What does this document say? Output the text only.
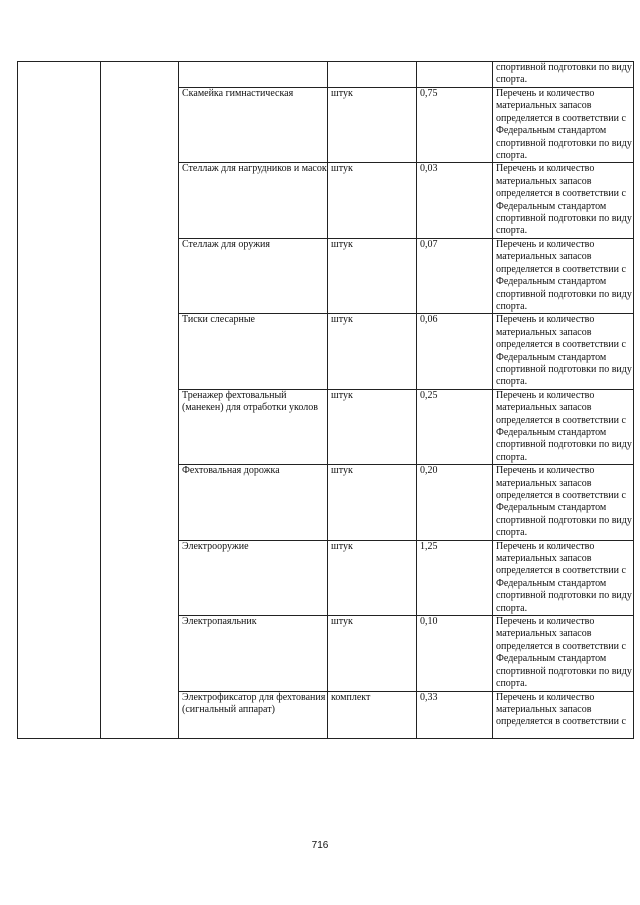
					спортивной подготовки по виду спорта.
		Скамейка гимнастическая	штук	0,75	Перечень и количество материальных запасов определяется в соответствии с Федеральным стандартом спортивной подготовки по виду спорта.
		Стеллаж для нагрудников и масок	штук	0,03	Перечень и количество материальных запасов определяется в соответствии с Федеральным стандартом спортивной подготовки по виду спорта.
		Стеллаж для оружия	штук	0,07	Перечень и количество материальных запасов определяется в соответствии с Федеральным стандартом спортивной подготовки по виду спорта.
		Тиски слесарные	штук	0,06	Перечень и количество материальных запасов определяется в соответствии с Федеральным стандартом спортивной подготовки по виду спорта.
		Тренажер фехтовальный (манекен) для отработки уколов	штук	0,25	Перечень и количество материальных запасов определяется в соответствии с Федеральным стандартом спортивной подготовки по виду спорта.
		Фехтовальная дорожка	штук	0,20	Перечень и количество материальных запасов определяется в соответствии с Федеральным стандартом спортивной подготовки по виду спорта.
		Электрооружие	штук	1,25	Перечень и количество материальных запасов определяется в соответствии с Федеральным стандартом спортивной подготовки по виду спорта.
		Электропаяльник	штук	0,10	Перечень и количество материальных запасов определяется в соответствии с Федеральным стандартом спортивной подготовки по виду спорта.
		Электрофиксатор для фехтования (сигнальный аппарат)	комплект	0,33	Перечень и количество материальных запасов определяется в соответствии с
716
